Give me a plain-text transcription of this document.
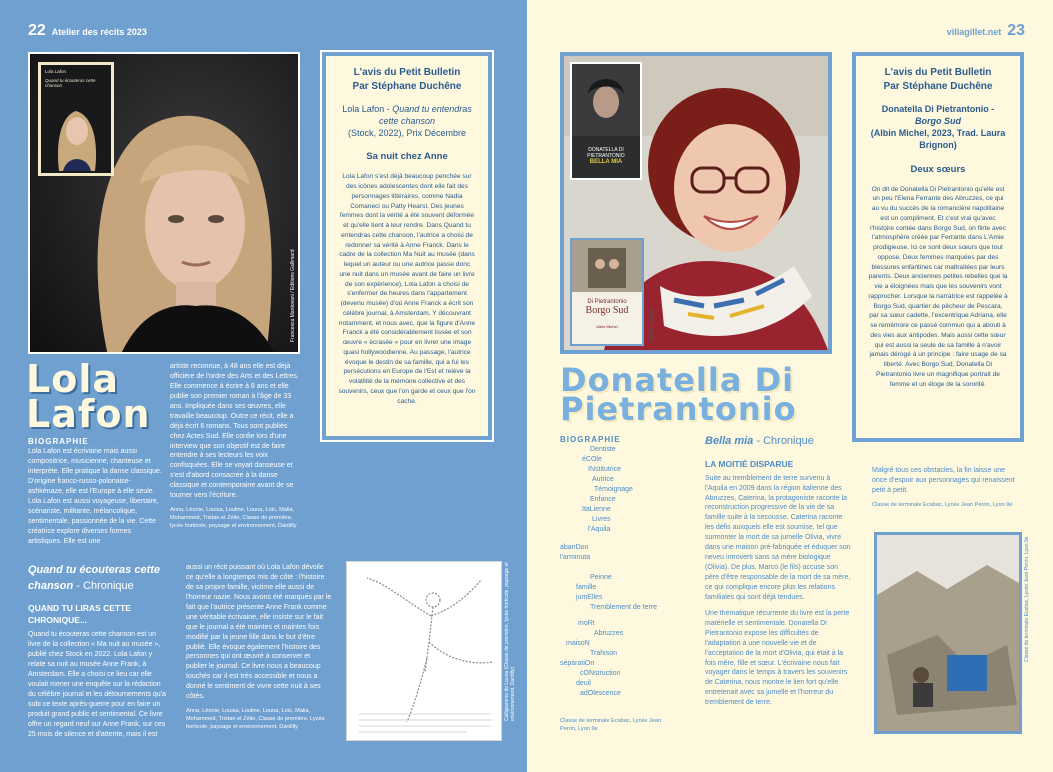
22 Atelier des récits 2023
Lola Lafon
Quand tu écouteras cette chanson
Francesca Mantovani / Editions Gallimard
L'avis du Petit Bulletin
Par Stéphane Duchêne
Lola Lafon - Quand tu entendras cette chanson
(Stock, 2022), Prix Décembre
Sa nuit chez Anne
Lola Lafon s'est déjà beaucoup penchée sur des icônes adolescentes dont elle fait des personnages littéraires, comme Nadia Comaneci ou Patty Hearst. Des jeunes femmes dont la vérité a été souvent déformée et qu'elle tient à leur rendre. Dans Quand tu entendras cette chanson, l'autrice a choisi de redonner sa vérité à Anne Franck. Dans le cadre de la collection Ma Nuit au musée (dans lequel un auteur ou une autrice passe donc une nuit dans un musée avant de faire un livre de son expérience), Lola Lafon a choisi de s'enfermer de heures dans l'appartement (devenu musée) d'où Anne Franck a écrit son célèbre journal, à Amsterdam. Y découvrant notamment, et nous avec, que la figure d'Anne Franck a été considérablement lissée et son œuvre « écrasée » pour en livrer une image quasi hollywoodienne. Au passage, l'autrice évoque le destin de sa famille, qui a fui les persécutions en Europe de l'Est et relève la volatilité de la mémoire collective et des souvenirs, ceux que l'on garde et ceux que l'on cache.
Lola
Lafon
BIOGRAPHIE
Lola Lafon est écrivaine mais aussi compositrice, musicienne, chanteuse et interprète. Elle pratique la danse classique. D'origine franco-russo-polonaise-ashkénaze, elle est l'Europe à elle seule. Lola Lafon est aussi voyageuse, libertaire, scénariste, militante, mélancolique, sentimentale, passionnée de la vie. Cette créatrice explore diverses formes artistiques. Elle est une
artiste reconnue, à 48 ans elle est déjà officière de l'ordre des Arts et des Lettres. Elle commence à écrire à 8 ans et elle publie son premier roman à l'âge de 33 ans. Impliquée dans ses œuvres, elle travaille beaucoup. Outre ce récit, elle a déjà écrit 6 romans. Tous sont publiés chez Actes Sud. Elle confie lors d'une interview que son objectif est de faire entendre à ses lecteurs les voix confisquées. Elle se voyait danseuse et s'est d'abord consacrée à la danse classique et contemporaine avant de se tourner vers l'écriture.
Anna, Léonie, Louisa, Louline, Louna, Loïc, Malia, Mohammed, Tristan et Zélie, Classe de première, lycée horticole, paysage et environnement, Dardilly
Quand tu écouteras cette chanson - Chronique
QUAND TU LIRAS CETTE CHRONIQUE...
Quand tu écouteras cette chanson est un livre de la collection « Ma nuit au musée », publié chez Stock en 2022. Lola Lafon y relate sa nuit au musée Anne Frank, à Amsterdam. Elle a choisi ce lieu car elle voulait mener une enquête sur la rédaction du célèbre journal et les détournements qu'a subi ce texte après-guerre pour en faire un produit grand public et sentimental. Ce livre offre un regard neuf sur Anne Frank, sur ces 25 mois de silence et d'attente, mais il est
aussi un récit puissant où Lola Lafon dévoile ce qu'elle a longtemps mis de côté : l'histoire de sa propre famille, victime elle aussi de l'horreur nazie. Nous avons été marqués par le fait que l'autrice présente Anne Frank comme une véritable écrivaine, elle insiste sur le fait que le journal a été maintes et maintes fois modifié par la jeune fille dans le but d'être publié. Elle évoque également l'histoire des personnes qui ont œuvré à conserver et publier le journal. Ce livre nous a beaucoup touchés car il est très accessible et nous a donné le sentiment de vivre cette nuit à ses côtés.
Anna, Léonie, Louisa, Louline, Louna, Loïc, Malia, Mohammed, Tristan et Zélie, Classe de première, Lycée horticole, paysage et environnement, Dardilly
Calligramme de Louna (Classe de première, lycée horticole, paysage et environnement, Dardilly)
villagillet.net 23
DONATELLA DI PIETRANTONIO
BELLA MIA
Di Pietrantonio
Borgo Sud
Albin Michel	Adolfo Frediani
L'avis du Petit Bulletin
Par Stéphane Duchêne
Donatella Di Pietrantonio - Borgo Sud
(Albin Michel, 2023, Trad. Laura Brignon)
Deux sœurs
On dit de Donatella Di Pietrantonio qu'elle est un peu l'Elena Ferrante des Abruzzes, ce qui au vu du succès de la romancière napolitaine est un compliment. Et c'est vrai qu'avec l'histoire contée dans Borgo Sud, on flirte avec l'atmosphère créée par Ferrante dans L'Amie prodigieuse. Ici ce sont deux sœurs que tout oppose. Deux femmes marquées par des blessures enfantines car maltraitées par leurs parents. Deux anciennes petites rebelles que la vie a éloignées mais que les souvenirs vont rapprocher. Lorsque la narratrice est rappelée à Borgo Sud, quartier de pêcheur de Pescara, par sa sœur cadette, l'excentrique Adriana, elle se remémore ce passé commun qui a abouti à des vies aux antipodes. Mais aussi cette sœur qui est aussi la seule de sa famille à n'avoir jamais dérogé à un principe : faire usage de sa liberté. Avec Borgo Sud, Donatella Di Pietrantonio livre un magnifique portrait de femme et un éloge de la sororité.
Donatella Di
Pietrantonio
BIOGRAPHIE
Dentiste
éCOle
INstitutrice
Autrice
Témoignage
Enfance
ItaLienne
Livres
l'Aquila
abanDon
l'arminuta
Peinne
famille
jumElles
Tremblement de terre
moRt
Abruzzes
maisoN
Trahison
séparatiOn
cONstruction
deuil
adOlescence
Classe de terminale Ecabac, Lycée Jean Perrin, Lyon 9e
Bella mia - Chronique
LA MOITIÉ DISPARUE
Suite au tremblement de terre survenu à l'Aquila en 2009 dans la région italienne des Abruzzes, Caterina, la protagoniste raconte la reconstruction progressive de la vie de sa famille suite à la secousse. Caterina raconte les défis auxquels elle est soumise, tel que surmonter la mort de sa jumelle Olivia, vivre dans une maison pré-fabriquée et éduquer son neveu introverti sans sa mère biologique (Olivia). De plus, Marco (le fils) accuse son père d'être responsable de la mort de sa mère, ce qui complique encore plus les relations familiales qui sont déjà tendues.
Une thématique récurrente du livre est la perte matérielle et sentimentale. Donatella Di Pietrantonio expose les difficultés de l'adaptation à une nouvelle vie et de l'acceptation de la mort d'Olivia, qui était à la fois mère, fille et sœur. L'écrivaine nous fait voyager dans le temps à travers les souvenirs de Caterina, nous montre le lien fort qu'elle entretenait avec sa jumelle et l'horreur du tremblement de terre.
Malgré tous ces obstacles, la fin laisse une once d'espoir aux personnages qui renaissent petit à petit.
Classe de terminale Ecabac, Lycée Jean Perrin, Lyon 9e
Classe de terminale Ecabac, Lycée Jean Perrin, Lyon 9e
